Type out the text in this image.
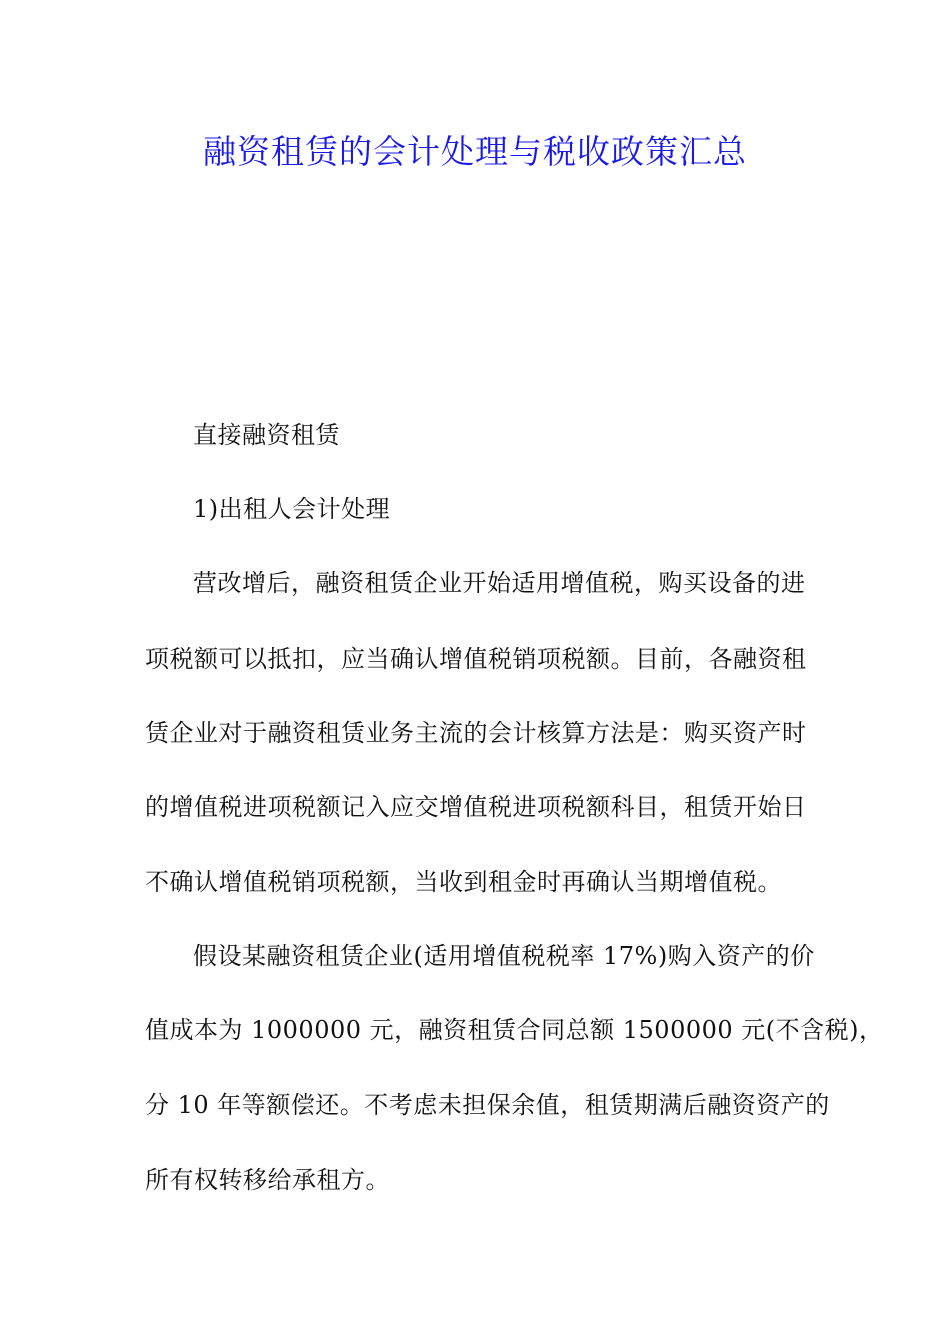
融资租赁的会计处理与税收政策汇总
直接融资租赁
1)出租人会计处理
营改增后，融资租赁企业开始适用增值税，购买设备的进
项税额可以抵扣，应当确认增值税销项税额。目前，各融资租
赁企业对于融资租赁业务主流的会计核算方法是：购买资产时
的增值税进项税额记入应交增值税进项税额科目，租赁开始日
不确认增值税销项税额，当收到租金时再确认当期增值税。
假设某融资租赁企业(适用增值税税率 17%)购入资产的价
值成本为 1000000 元，融资租赁合同总额 1500000 元(不含税)，
分 10 年等额偿还。不考虑未担保余值，租赁期满后融资资产的
所有权转移给承租方。
